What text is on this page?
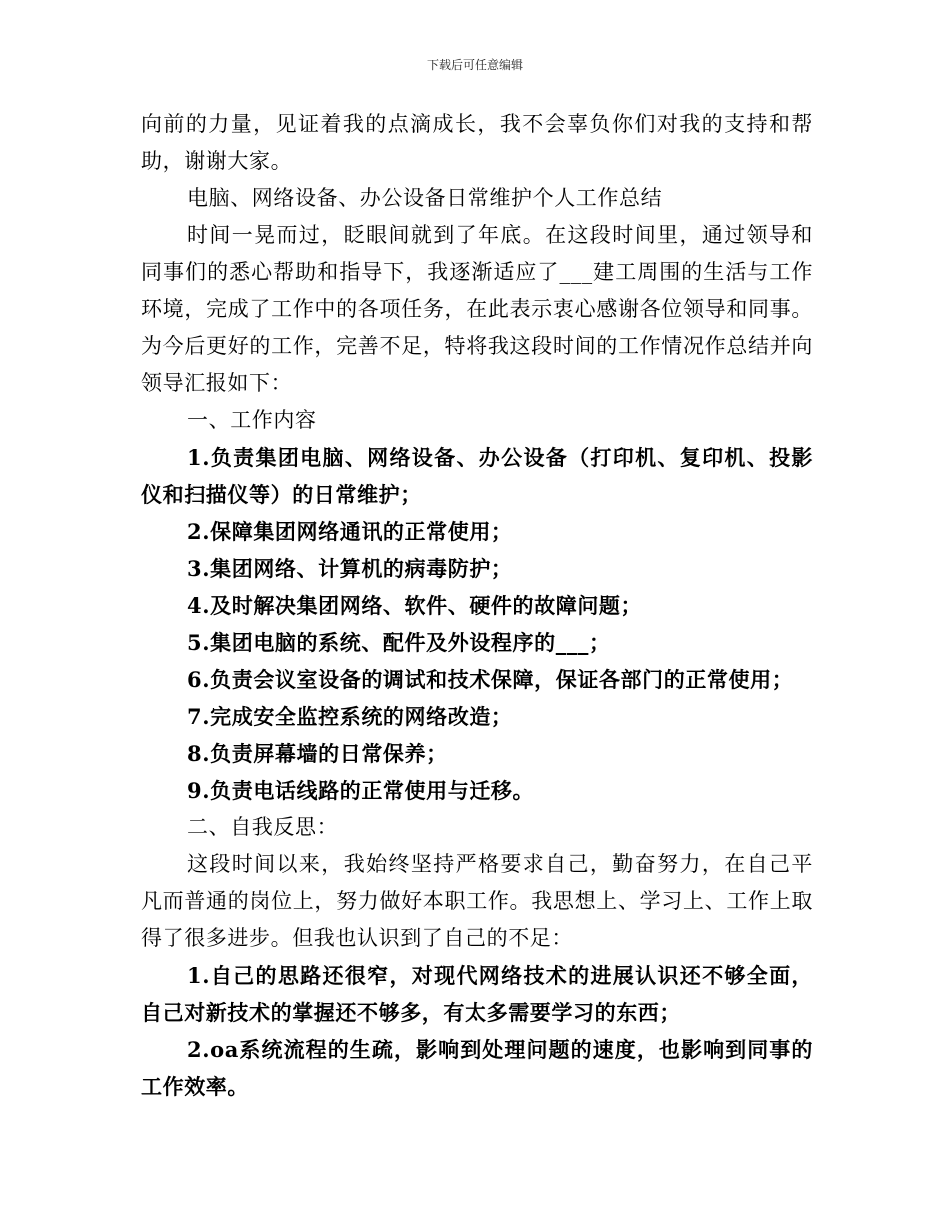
下载后可任意编辑

向前的力量，见证着我的点滴成长，我不会辜负你们对我的支持和帮助，谢谢大家。

电脑、网络设备、办公设备日常维护个人工作总结

时间一晃而过，眨眼间就到了年底。在这段时间里，通过领导和同事们的悉心帮助和指导下，我逐渐适应了___建工周围的生活与工作环境，完成了工作中的各项任务，在此表示衷心感谢各位领导和同事。为今后更好的工作，完善不足，特将我这段时间的工作情况作总结并向领导汇报如下：

一、工作内容

1.负责集团电脑、网络设备、办公设备（打印机、复印机、投影仪和扫描仪等）的日常维护；

2.保障集团网络通讯的正常使用；

3.集团网络、计算机的病毒防护；

4.及时解决集团网络、软件、硬件的故障问题；

5.集团电脑的系统、配件及外设程序的___；

6.负责会议室设备的调试和技术保障，保证各部门的正常使用；

7.完成安全监控系统的网络改造；

8.负责屏幕墙的日常保养；

9.负责电话线路的正常使用与迁移。

二、自我反思：

这段时间以来，我始终坚持严格要求自己，勤奋努力，在自己平凡而普通的岗位上，努力做好本职工作。我思想上、学习上、工作上取得了很多进步。但我也认识到了自己的不足：

1.自己的思路还很窄，对现代网络技术的进展认识还不够全面，自己对新技术的掌握还不够多，有太多需要学习的东西；

2.oa系统流程的生疏，影响到处理问题的速度，也影响到同事的工作效率。
